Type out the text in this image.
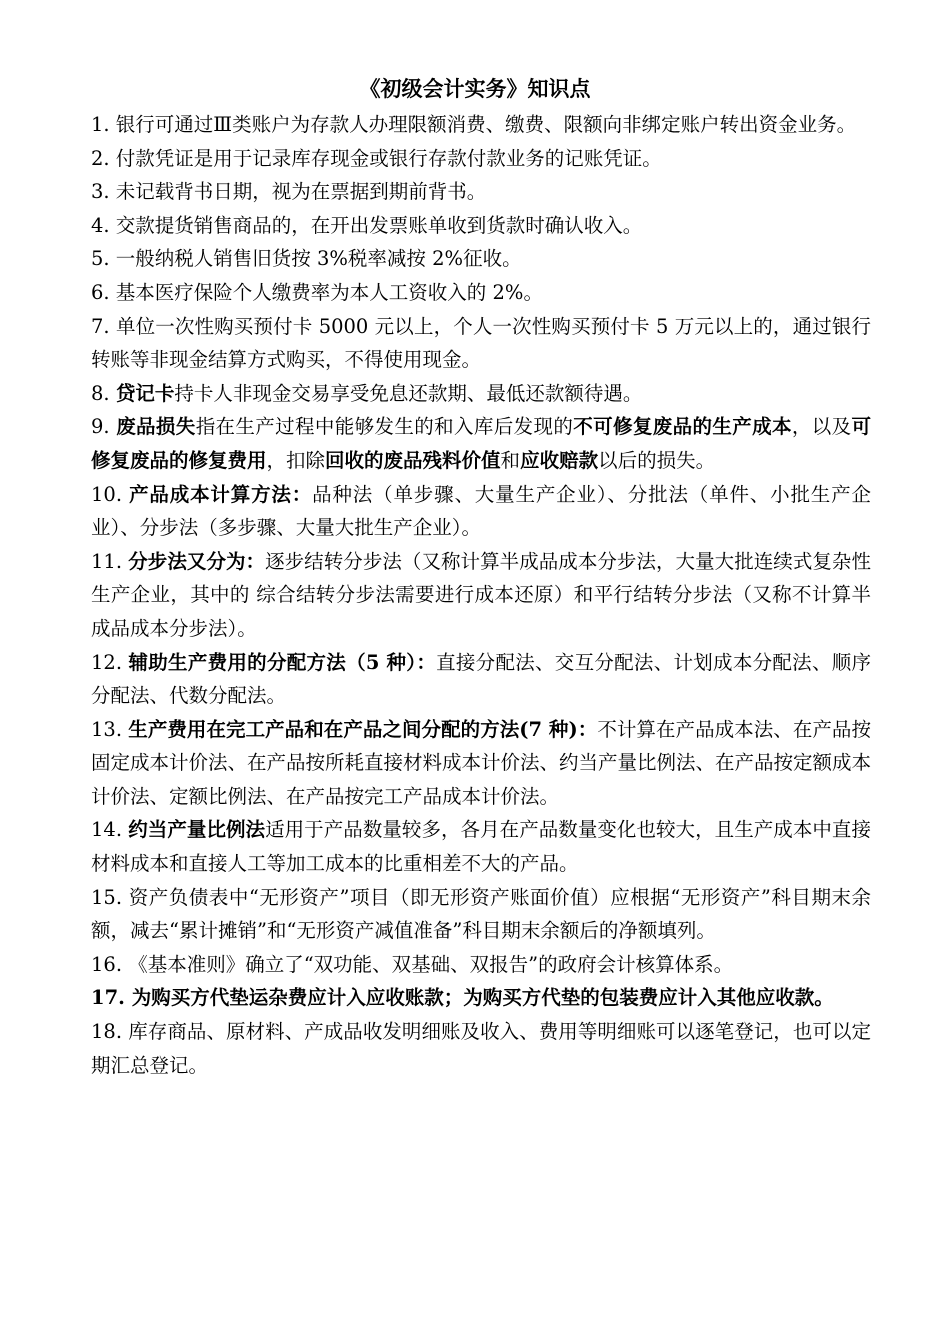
《初级会计实务》知识点

1. 银行可通过Ⅲ类账户为存款人办理限额消费、缴费、限额向非绑定账户转出资金业务。

2. 付款凭证是用于记录库存现金或银行存款付款业务的记账凭证。

3. 未记载背书日期，视为在票据到期前背书。

4. 交款提货销售商品的，在开出发票账单收到货款时确认收入。

5. 一般纳税人销售旧货按 3%税率减按 2%征收。

6. 基本医疗保险个人缴费率为本人工资收入的 2%。

7. 单位一次性购买预付卡 5000 元以上，个人一次性购买预付卡 5 万元以上的，通过银行转账等非现金结算方式购买，不得使用现金。

8. 贷记卡持卡人非现金交易享受免息还款期、最低还款额待遇。

9. 废品损失指在生产过程中能够发生的和入库后发现的不可修复废品的生产成本，以及可修复废品的修复费用，扣除回收的废品残料价值和应收赔款以后的损失。

10. 产品成本计算方法：品种法（单步骤、大量生产企业）、分批法（单件、小批生产企业）、分步法（多步骤、大量大批生产企业）。

11. 分步法又分为：逐步结转分步法（又称计算半成品成本分步法，大量大批连续式复杂性生产企业，其中的 综合结转分步法需要进行成本还原）和平行结转分步法（又称不计算半成品成本分步法）。

12. 辅助生产费用的分配方法（5 种）：直接分配法、交互分配法、计划成本分配法、顺序分配法、代数分配法。

13. 生产费用在完工产品和在产品之间分配的方法(7 种)：不计算在产品成本法、在产品按固定成本计价法、在产品按所耗直接材料成本计价法、约当产量比例法、在产品按定额成本计价法、定额比例法、在产品按完工产品成本计价法。

14. 约当产量比例法适用于产品数量较多，各月在产品数量变化也较大，且生产成本中直接材料成本和直接人工等加工成本的比重相差不大的产品。

15. 资产负债表中“无形资产”项目（即无形资产账面价值）应根据“无形资产”科目期末余额，减去“累计摊销”和“无形资产减值准备”科目期末余额后的净额填列。

16. 《基本准则》确立了“双功能、双基础、双报告”的政府会计核算体系。

17. 为购买方代垫运杂费应计入应收账款；为购买方代垫的包装费应计入其他应收款。

18. 库存商品、原材料、产成品收发明细账及收入、费用等明细账可以逐笔登记，也可以定期汇总登记。
